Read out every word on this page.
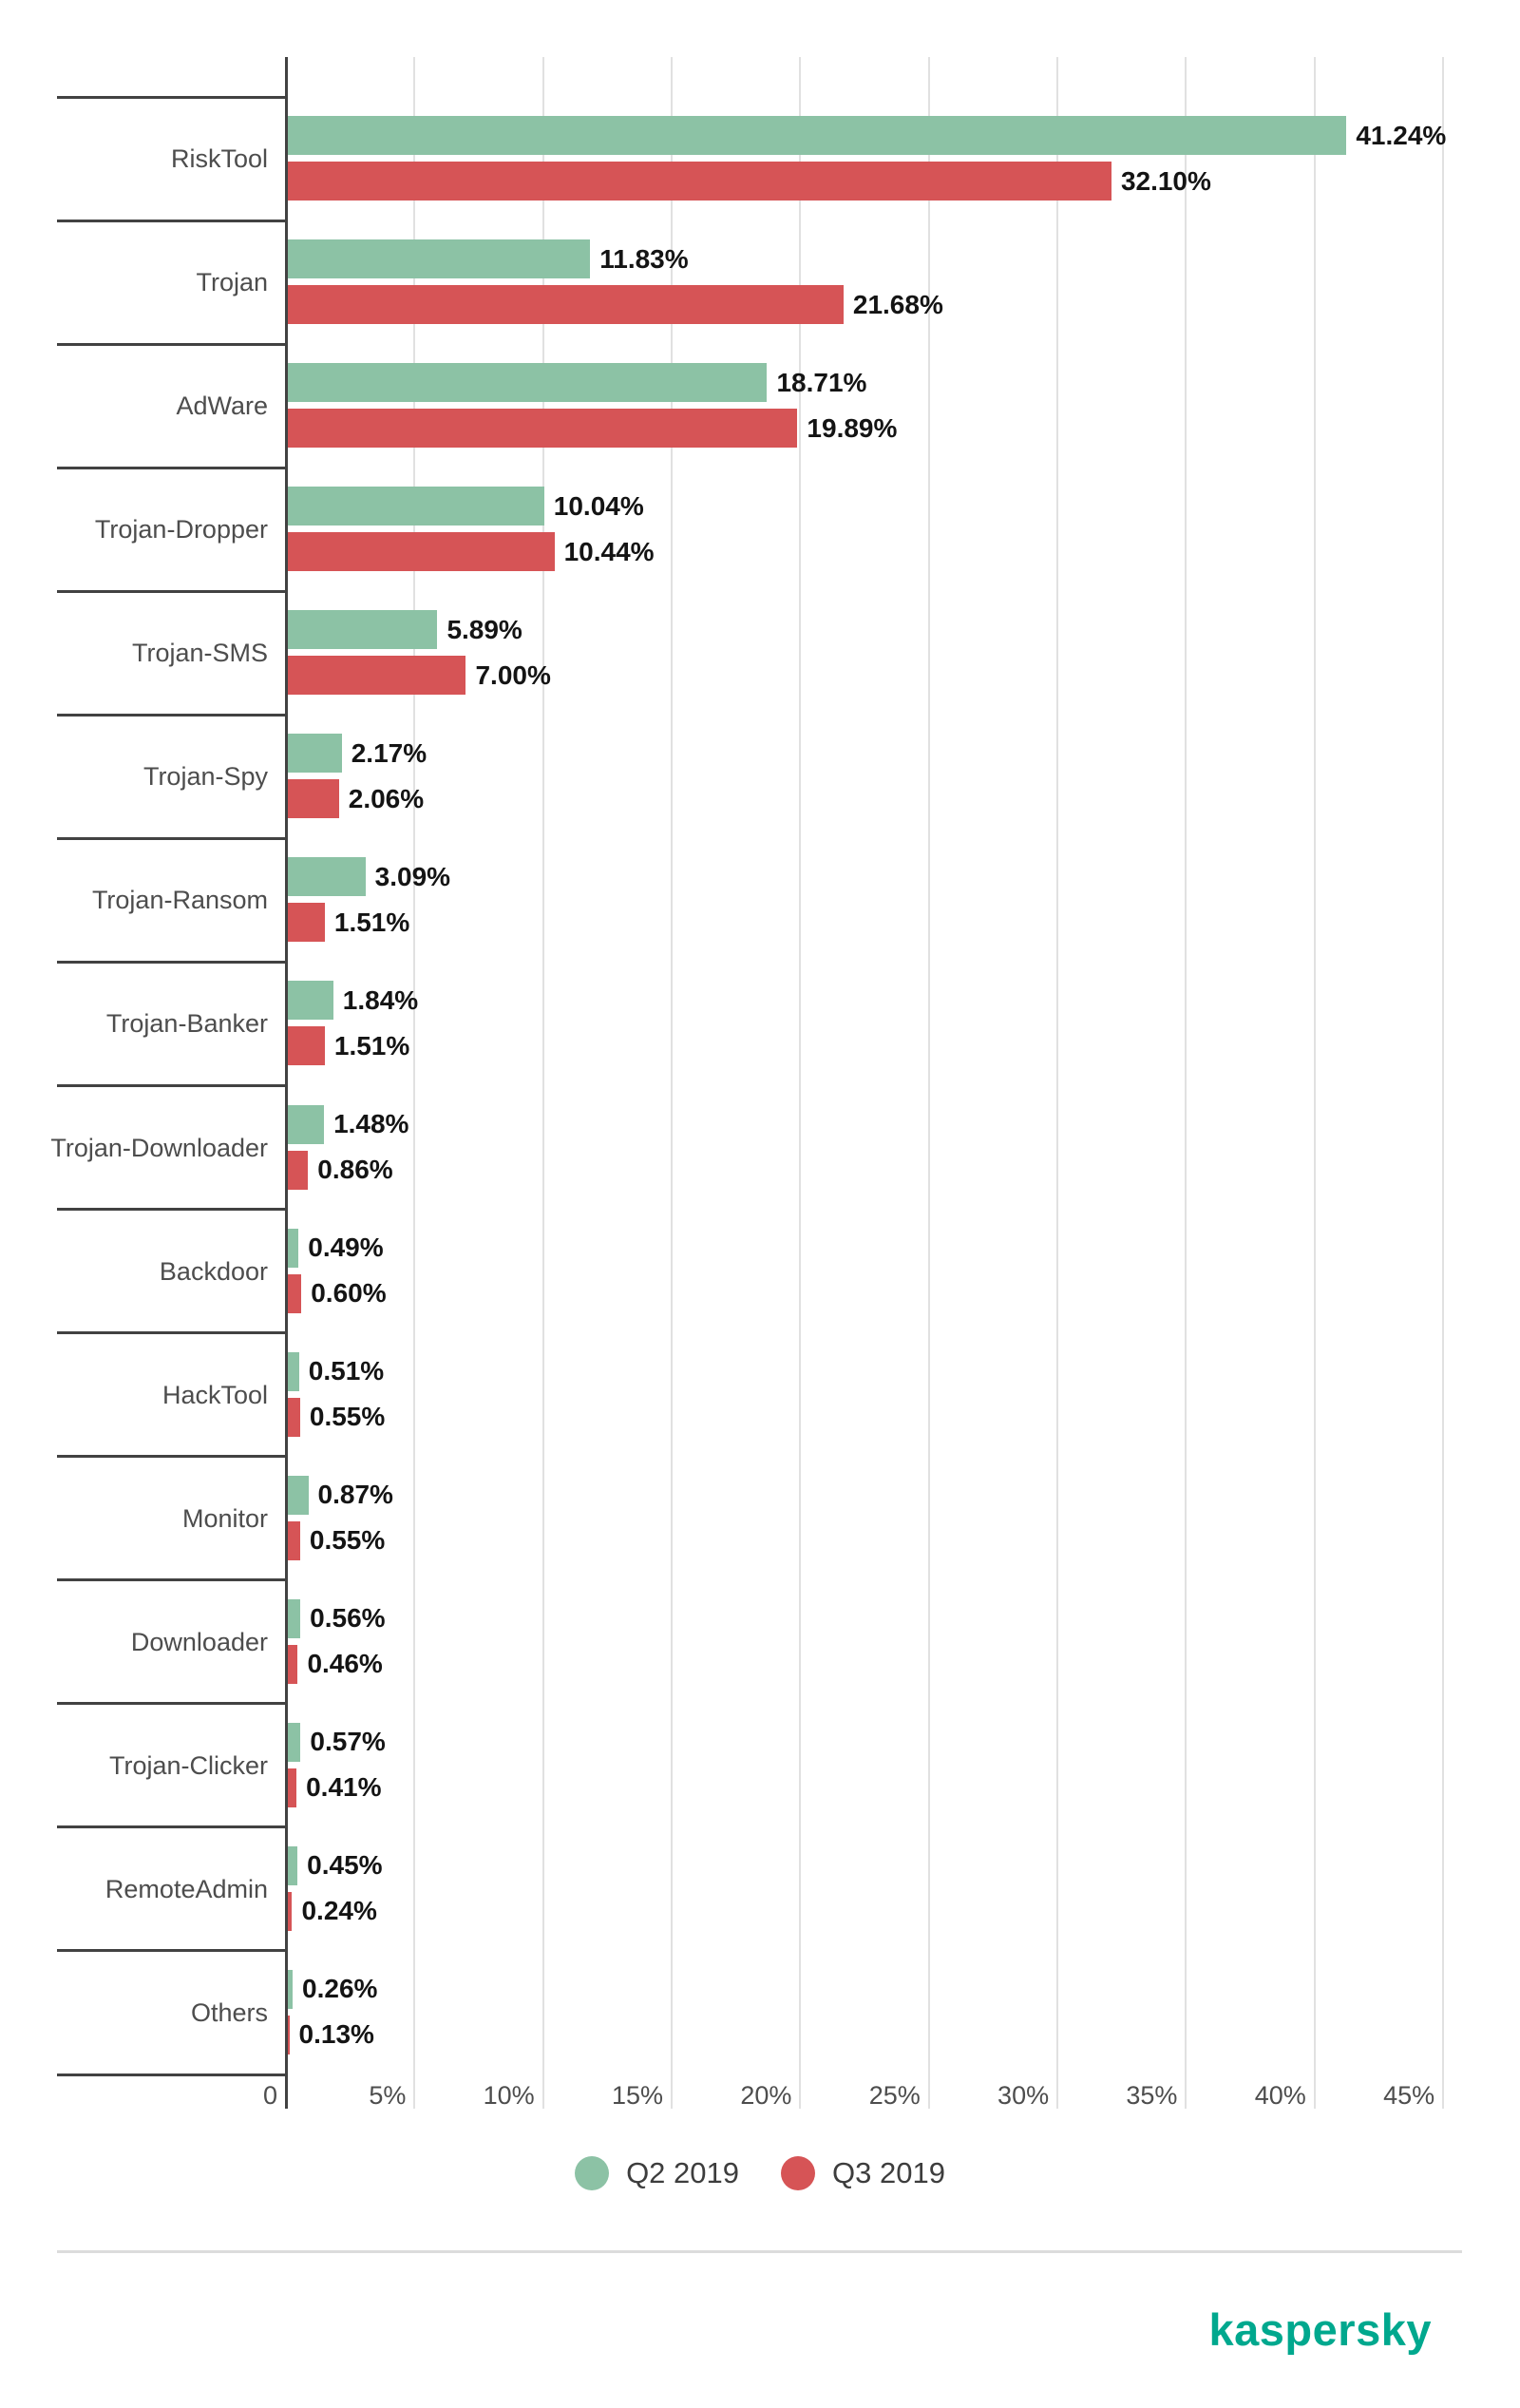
0	5%	10%	15%	20%	25%	30%	35%	40%	45%
RiskTool
41.24%
32.10%
Trojan
11.83%
21.68%
AdWare
18.71%
19.89%
Trojan-Dropper
10.04%
10.44%
Trojan-SMS
5.89%
7.00%
Trojan-Spy
2.17%
2.06%
Trojan-Ransom
3.09%
1.51%
Trojan-Banker
1.84%
1.51%
Trojan-Downloader
1.48%
0.86%
Backdoor
0.49%
0.60%
HackTool
0.51%
0.55%
Monitor
0.87%
0.55%
Downloader
0.56%
0.46%
Trojan-Clicker
0.57%
0.41%
RemoteAdmin
0.45%
0.24%
Others
0.26%
0.13%
Q2 2019	Q3 2019
kaspersky
